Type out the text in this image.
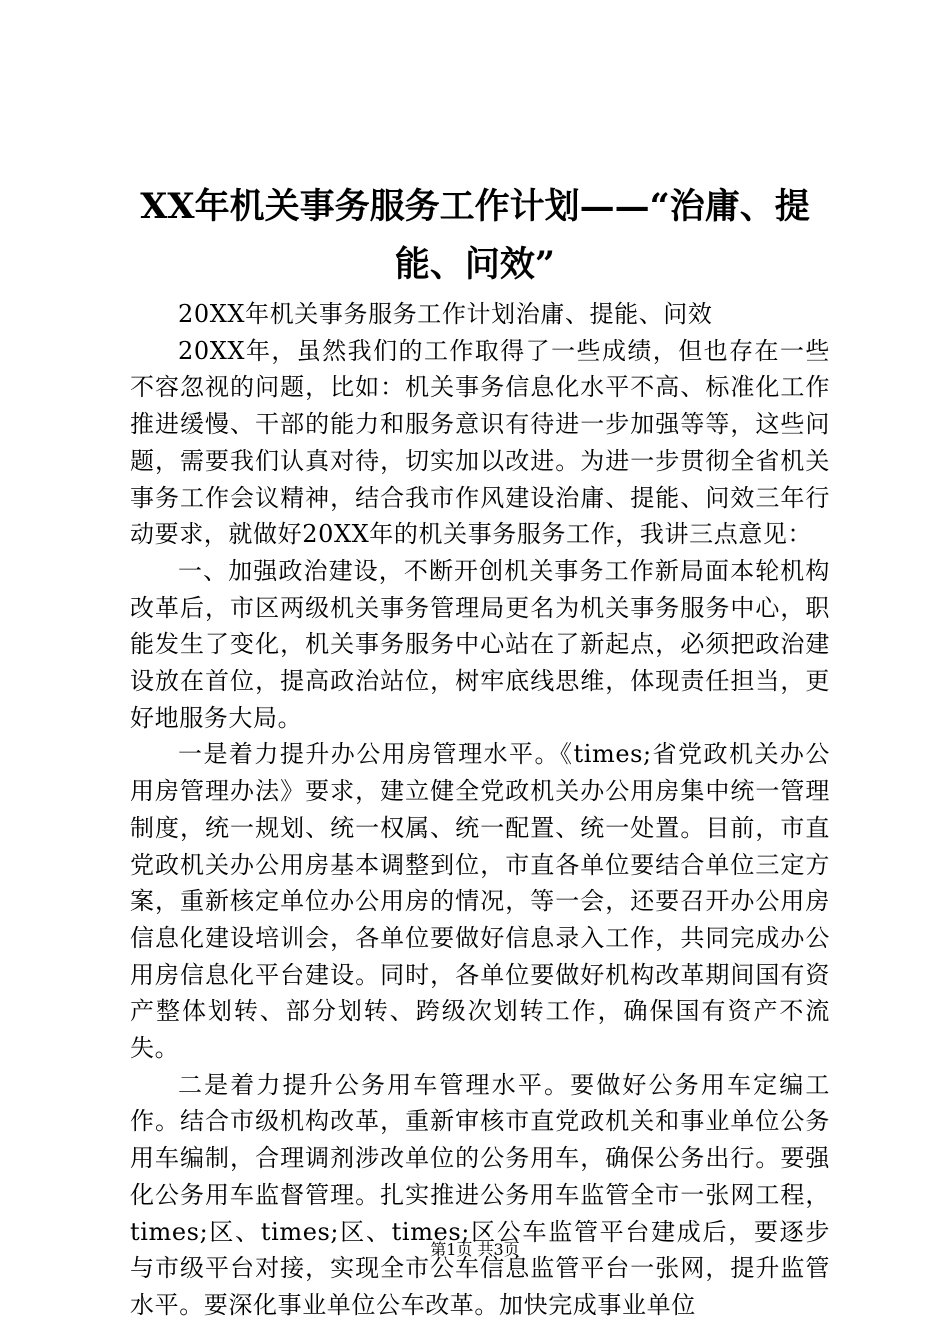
XX年机关事务服务工作计划——“治庸、提能、问效”

20XX年机关事务服务工作计划治庸、提能、问效

20XX年，虽然我们的工作取得了一些成绩，但也存在一些不容忽视的问题，比如：机关事务信息化水平不高、标准化工作推进缓慢、干部的能力和服务意识有待进一步加强等等，这些问题，需要我们认真对待，切实加以改进。为进一步贯彻全省机关事务工作会议精神，结合我市作风建设治庸、提能、问效三年行动要求，就做好20XX年的机关事务服务工作，我讲三点意见：

一、加强政治建设，不断开创机关事务工作新局面本轮机构改革后，市区两级机关事务管理局更名为机关事务服务中心，职能发生了变化，机关事务服务中心站在了新起点，必须把政治建设放在首位，提高政治站位，树牢底线思维，体现责任担当，更好地服务大局。

一是着力提升办公用房管理水平。《times;省党政机关办公用房管理办法》要求，建立健全党政机关办公用房集中统一管理制度，统一规划、统一权属、统一配置、统一处置。目前，市直党政机关办公用房基本调整到位，市直各单位要结合单位三定方案，重新核定单位办公用房的情况，等一会，还要召开办公用房信息化建设培训会，各单位要做好信息录入工作，共同完成办公用房信息化平台建设。同时，各单位要做好机构改革期间国有资产整体划转、部分划转、跨级次划转工作，确保国有资产不流失。

二是着力提升公务用车管理水平。要做好公务用车定编工作。结合市级机构改革，重新审核市直党政机关和事业单位公务用车编制，合理调剂涉改单位的公务用车，确保公务出行。要强化公务用车监督管理。扎实推进公务用车监管全市一张网工程，times;区、times;区、times;区公车监管平台建成后，要逐步与市级平台对接，实现全市公车信息监管平台一张网，提升监管水平。要深化事业单位公车改革。加快完成事业单位

第1页 共3页
